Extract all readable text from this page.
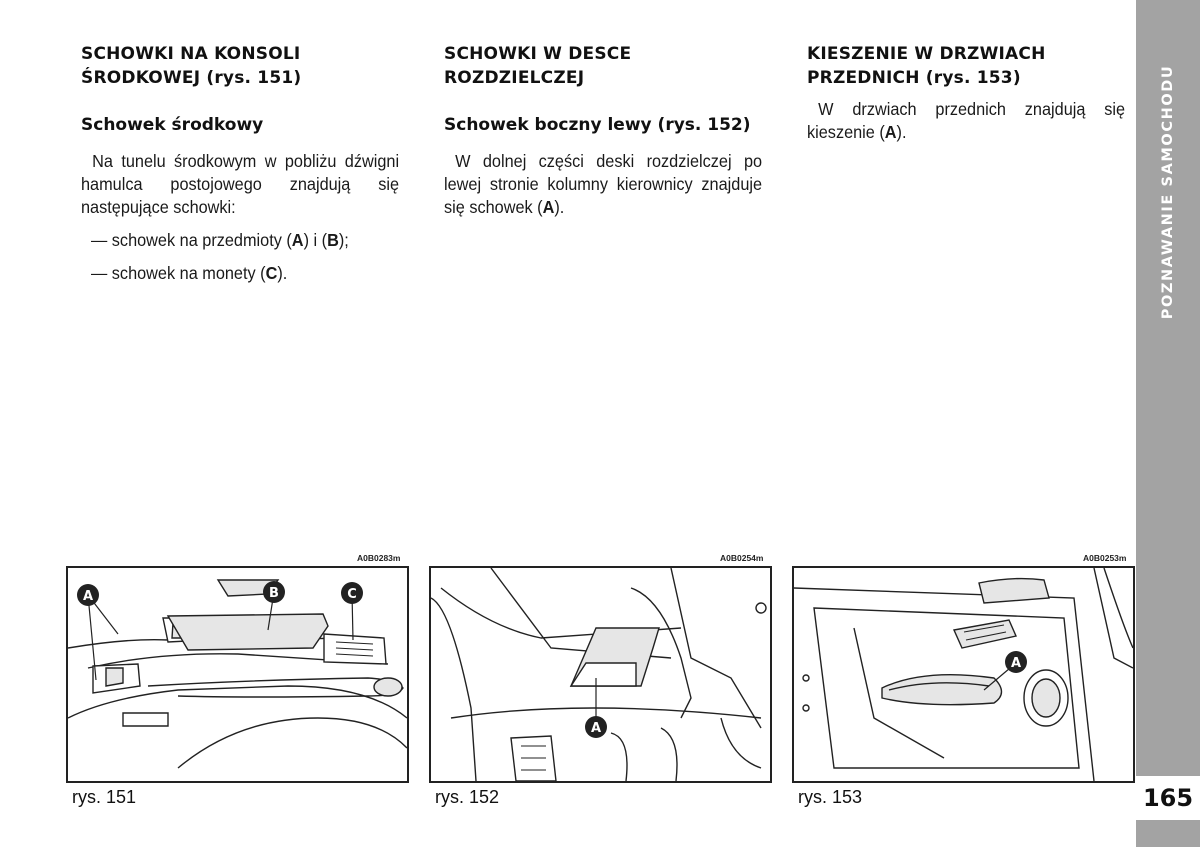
SCHOWKI NA KONSOLI
ŚRODKOWEJ (rys. 151)
Schowek środkowy

Na tunelu środkowym w pobliżu dźwigni hamulca postojowego znajdują się następujące schowki:

— schowek na przedmioty (A) i (B);
— schowek na monety (C).
SCHOWKI W DESCE
ROZDZIELCZEJ
Schowek boczny lewy (rys. 152)

W dolnej części deski rozdzielczej po lewej stronie kolumny kierownicy znajduje się schowek (A).

KIESZENIE W DRZWIACH
PRZEDNICH (rys. 153)

W drzwiach przednich znajdują się kieszenie (A).

A0B0283m	A0B0254m	A0B0253m
A	B	C
A
A
rys. 151	rys. 152	rys. 153
POZNAWANIE SAMOCHODU
165
